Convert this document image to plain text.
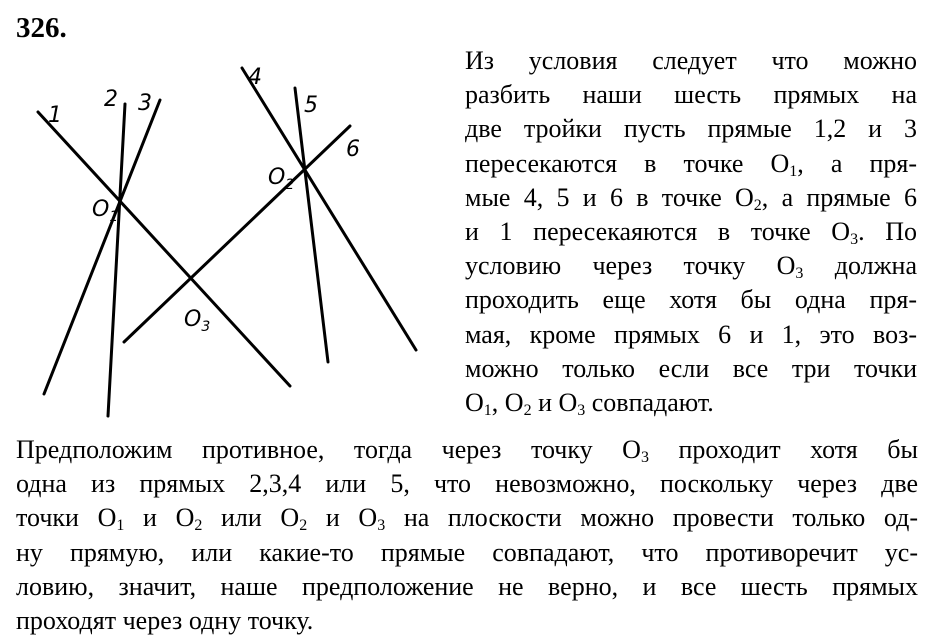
326.
1
2 3
4
5
6
$O_1$
$O_2$
$O_3$
Из условия следует что можно
разбить наши шесть прямых на
две тройки пусть прямые 1,2 и 3
пересекаются в точке $O_1$, а пря-
мые 4, 5 и 6 в точке $O_2$, а прямые 6
и 1 пересекаяются в точке $O_3$. По
условию через точку $O_3$ должна
проходить еще хотя бы одна пря-
мая, кроме прямых 6 и 1, это воз-
можно только если все три точки
$O_1$, $O_2$ и $O_3$ совпадают.
Предположим противное, тогда через точку $O_3$ проходит хотя бы
одна из прямых 2,3,4 или 5, что невозможно, поскольку через две
точки $O_1$ и $O_2$ или $O_2$ и $O_3$ на плоскости можно провести только од-
ну прямую, или какие-то прямые совпадают, что противоречит ус-
ловию, значит, наше предположение не верно, и все шесть прямых
проходят через одну точку.
